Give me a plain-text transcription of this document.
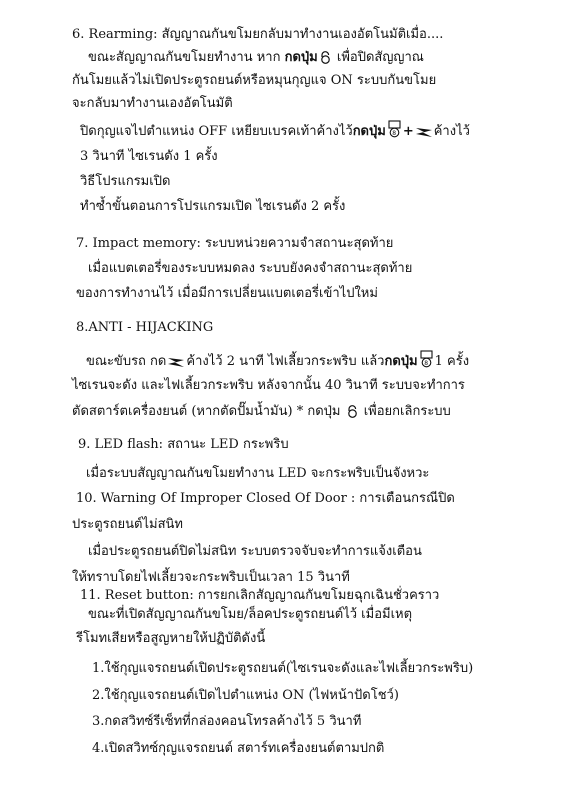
6. Rearming: สัญญาณกันขโมยกลับมาทำงานเองอัตโนมัติเมื่อ....
ขณะสัญญาณกันขโมยทำงาน หาก กดปุ่ม
เพื่อปิดสัญญาณ
กันโมยแล้วไม่เปิดประตูรถยนต์หรือหมุนกุญแจ ON ระบบกันขโมย
จะกลับมาทำงานเองอัตโนมัติ
ปิดกุญแจไปตำแหน่ง OFF เหยียบเบรคเท้าค้างไว้กดปุ่ม 8 + ค้างไว้
3 วินาที ไซเรนดัง 1 ครั้ง
วิธีโปรแกรมเปิด
ทำซ้ำขั้นตอนการโปรแกรมเปิด ไซเรนดัง 2 ครั้ง
7. Impact memory: ระบบหน่วยความจำสถานะสุดท้าย
เมื่อแบตเตอรี่ของระบบหมดลง ระบบยังคงจำสถานะสุดท้าย
ของการทำงานไว้ เมื่อมีการเปลี่ยนแบตเตอรี่เข้าไปใหม่
8.ANTI - HIJACKING
ขณะขับรถ กด ค้างไว้ 2 นาที ไฟเลี้ยวกระพริบ แล้วกดปุ่ม 8 1 ครั้ง
ไซเรนจะดัง และไฟเลี้ยวกระพริบ หลังจากนั้น 40 วินาที ระบบจะทำการ
ตัดสตาร์ตเครื่องยนต์ (หากตัดปั๊มน้ำมัน) * กดปุ่ม
เพื่อยกเลิกระบบ
9. LED flash: สถานะ LED กระพริบ
เมื่อระบบสัญญาณกันขโมยทำงาน LED จะกระพริบเป็นจังหวะ
10. Warning Of Improper Closed Of Door : การเตือนกรณีปิด
ประตูรถยนต์ไม่สนิท
เมื่อประตูรถยนต์ปิดไม่สนิท ระบบตรวจจับจะทำการแจ้งเตือน
ให้ทราบโดยไฟเลี้ยวจะกระพริบเป็นเวลา 15 วินาที
11. Reset button: การยกเลิกสัญญาณกันขโมยฉุกเฉินชั่วคราว
ขณะที่เปิดสัญญาณกันขโมย/ล็อคประตูรถยนต์ไว้ เมื่อมีเหตุ
รีโมทเสียหรือสูญหายให้ปฏิบัติดังนี้
1.ใช้กุญแจรถยนต์เปิดประตูรถยนต์(ไซเรนจะดังและไฟเลี้ยวกระพริบ)
2.ใช้กุญแจรถยนต์เปิดไปตำแหน่ง ON (ไฟหน้าปัดโชว์)
3.กดสวิทซ์รีเซ็ทที่กล่องคอนโทรลค้างไว้ 5 วินาที
4.เปิดสวิทซ์กุญแจรถยนต์ สตาร์ทเครื่องยนต์ตามปกติ
